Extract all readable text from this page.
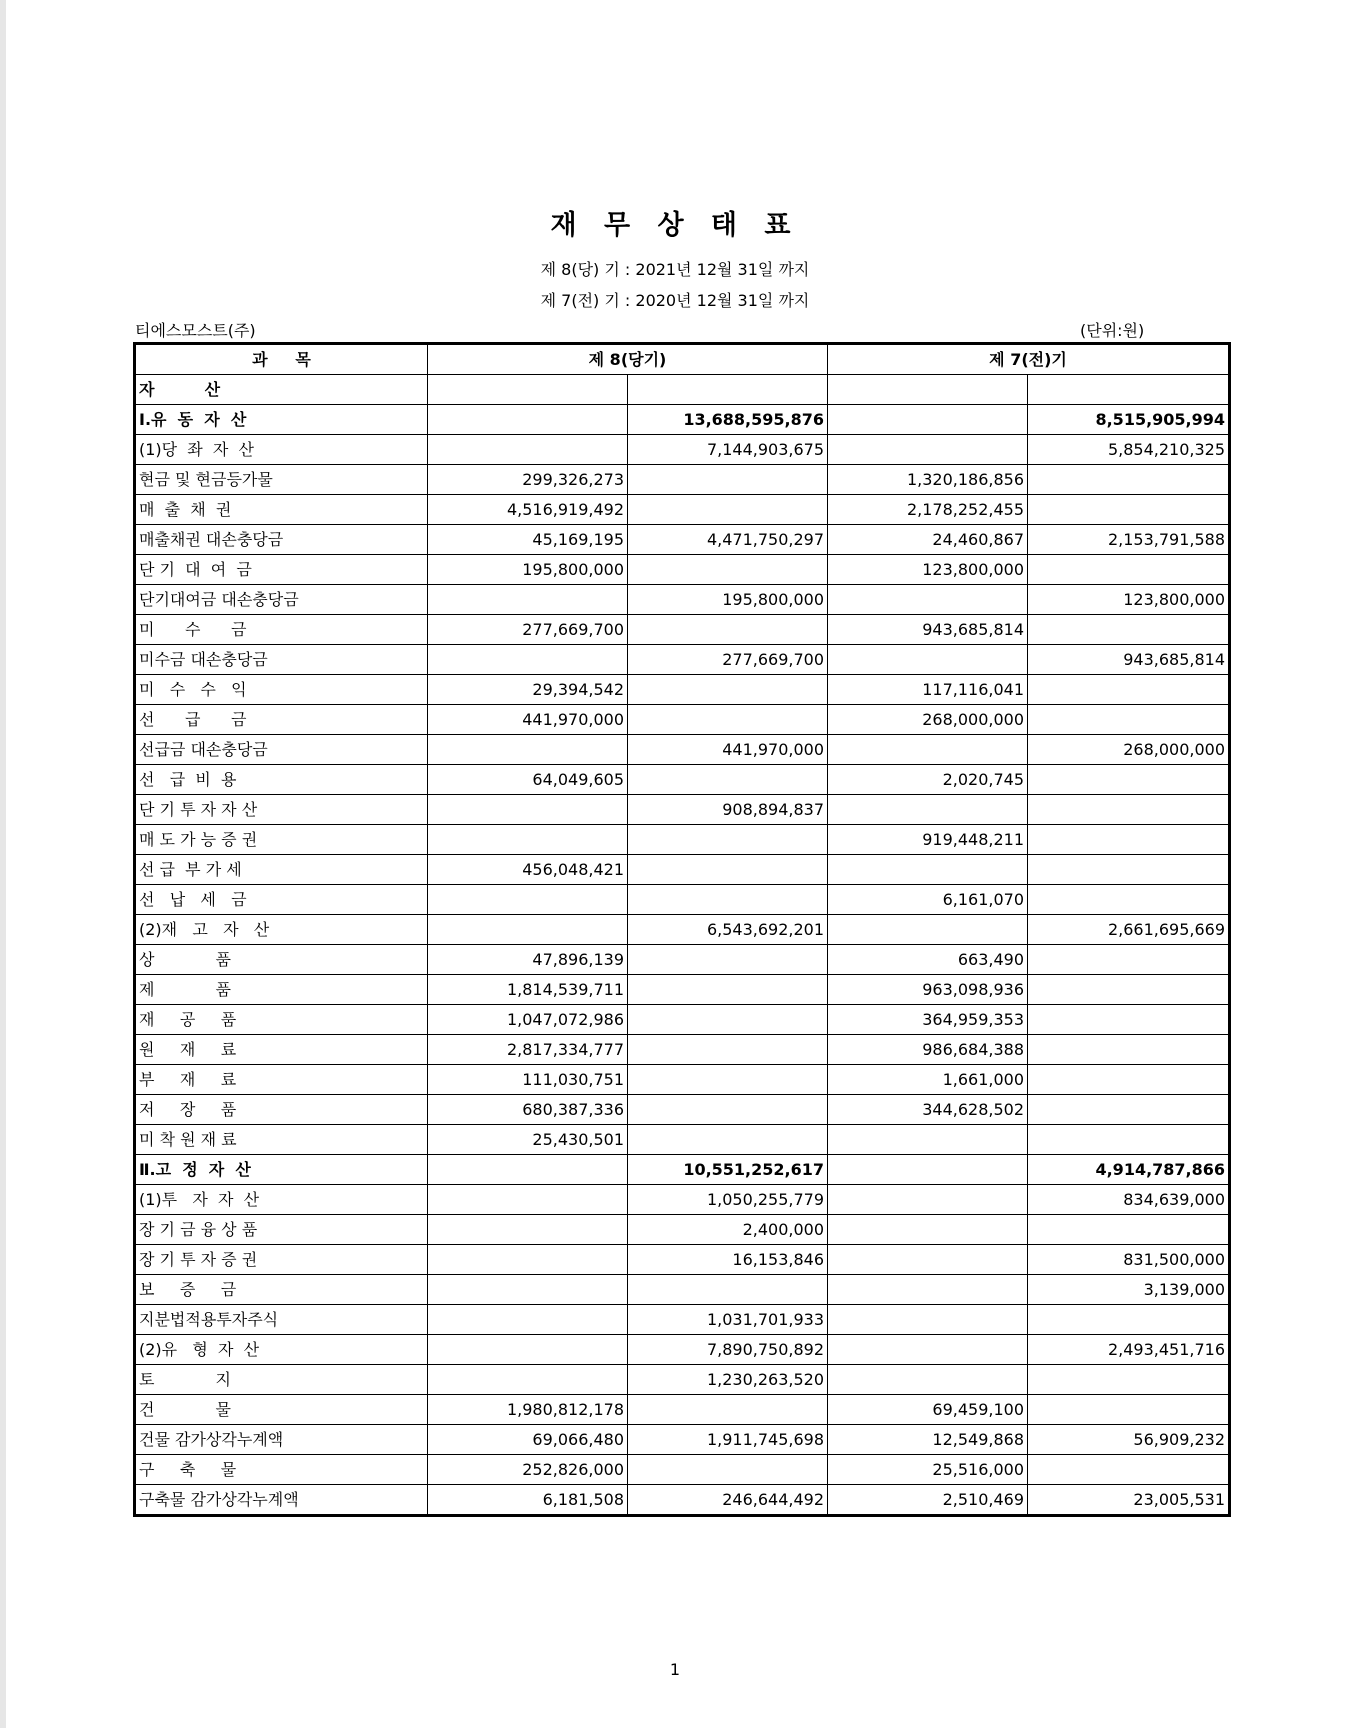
재 무 상 태 표
제 8(당) 기 : 2021년 12월 31일 까지
제 7(전) 기 : 2020년 12월 31일 까지
티에스모스트(주)	(단위:원)
과     목	제 8(당기)		제 7(전)기	
자         산				
Ⅰ.유  동  자  산		13,688,595,876		8,515,905,994
(1)당  좌  자  산		7,144,903,675		5,854,210,325
현금 및 현금등가물	299,326,273		1,320,186,856	
매  출  채  권	4,516,919,492		2,178,252,455	
매출채권 대손충당금	45,169,195	4,471,750,297	24,460,867	2,153,791,588
단 기  대  여  금	195,800,000		123,800,000	
단기대여금 대손충당금		195,800,000		123,800,000
미      수      금	277,669,700		943,685,814	
미수금 대손충당금		277,669,700		943,685,814
미   수   수   익	29,394,542		117,116,041	
선      급      금	441,970,000		268,000,000	
선급금 대손충당금		441,970,000		268,000,000
선   급  비  용	64,049,605		2,020,745	
단 기 투 자 자 산		908,894,837		
매 도 가 능 증 권			919,448,211	
선 급  부 가 세	456,048,421			
선   납   세   금			6,161,070	
(2)재   고   자   산		6,543,692,201		2,661,695,669
상            품	47,896,139		663,490	
제            품	1,814,539,711		963,098,936	
재     공     품	1,047,072,986		364,959,353	
원     재     료	2,817,334,777		986,684,388	
부     재     료	111,030,751		1,661,000	
저     장     품	680,387,336		344,628,502	
미 착 원 재 료	25,430,501			
Ⅱ.고  정  자  산		10,551,252,617		4,914,787,866
(1)투   자  자  산		1,050,255,779		834,639,000
장 기 금 융 상 품		2,400,000		
장 기 투 자 증 권		16,153,846		831,500,000
보     증     금				3,139,000
지분법적용투자주식		1,031,701,933		
(2)유   형  자  산		7,890,750,892		2,493,451,716
토            지		1,230,263,520		
건            물	1,980,812,178		69,459,100	
건물 감가상각누계액	69,066,480	1,911,745,698	12,549,868	56,909,232
구     축     물	252,826,000		25,516,000	
구축물 감가상각누계액	6,181,508	246,644,492	2,510,469	23,005,531
1
